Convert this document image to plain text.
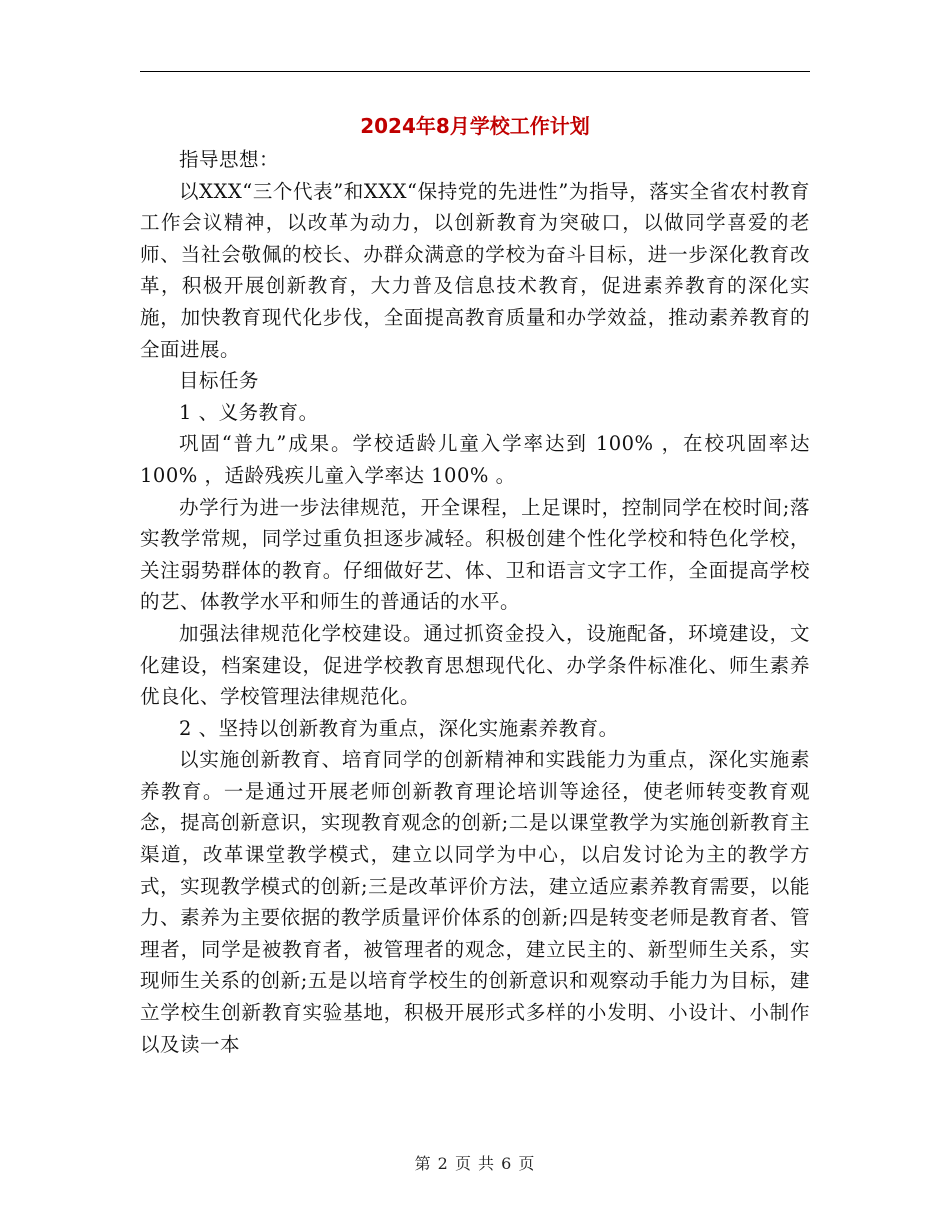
2024年8月学校工作计划

指导思想：

以XXX“三个代表”和XXX“保持党的先进性”为指导，落实全省农村教育工作会议精神，以改革为动力，以创新教育为突破口，以做同学喜爱的老师、当社会敬佩的校长、办群众满意的学校为奋斗目标，进一步深化教育改革，积极开展创新教育，大力普及信息技术教育，促进素养教育的深化实施，加快教育现代化步伐，全面提高教育质量和办学效益，推动素养教育的全面进展。

目标任务

1 、义务教育。

巩固“普九”成果。学校适龄儿童入学率达到 100% ，在校巩固率达 100% ，适龄残疾儿童入学率达 100% 。

办学行为进一步法律规范，开全课程，上足课时，控制同学在校时间;落实教学常规，同学过重负担逐步减轻。积极创建个性化学校和特色化学校，关注弱势群体的教育。仔细做好艺、体、卫和语言文字工作，全面提高学校的艺、体教学水平和师生的普通话的水平。

加强法律规范化学校建设。通过抓资金投入，设施配备，环境建设，文化建设，档案建设，促进学校教育思想现代化、办学条件标准化、师生素养优良化、学校管理法律规范化。

2 、坚持以创新教育为重点，深化实施素养教育。

以实施创新教育、培育同学的创新精神和实践能力为重点，深化实施素养教育。一是通过开展老师创新教育理论培训等途径，使老师转变教育观念，提高创新意识，实现教育观念的创新;二是以课堂教学为实施创新教育主渠道，改革课堂教学模式，建立以同学为中心，以启发讨论为主的教学方式，实现教学模式的创新;三是改革评价方法，建立适应素养教育需要，以能力、素养为主要依据的教学质量评价体系的创新;四是转变老师是教育者、管理者，同学是被教育者，被管理者的观念，建立民主的、新型师生关系，实现师生关系的创新;五是以培育学校生的创新意识和观察动手能力为目标，建立学校生创新教育实验基地，积极开展形式多样的小发明、小设计、小制作以及读一本

第 2 页 共 6 页
